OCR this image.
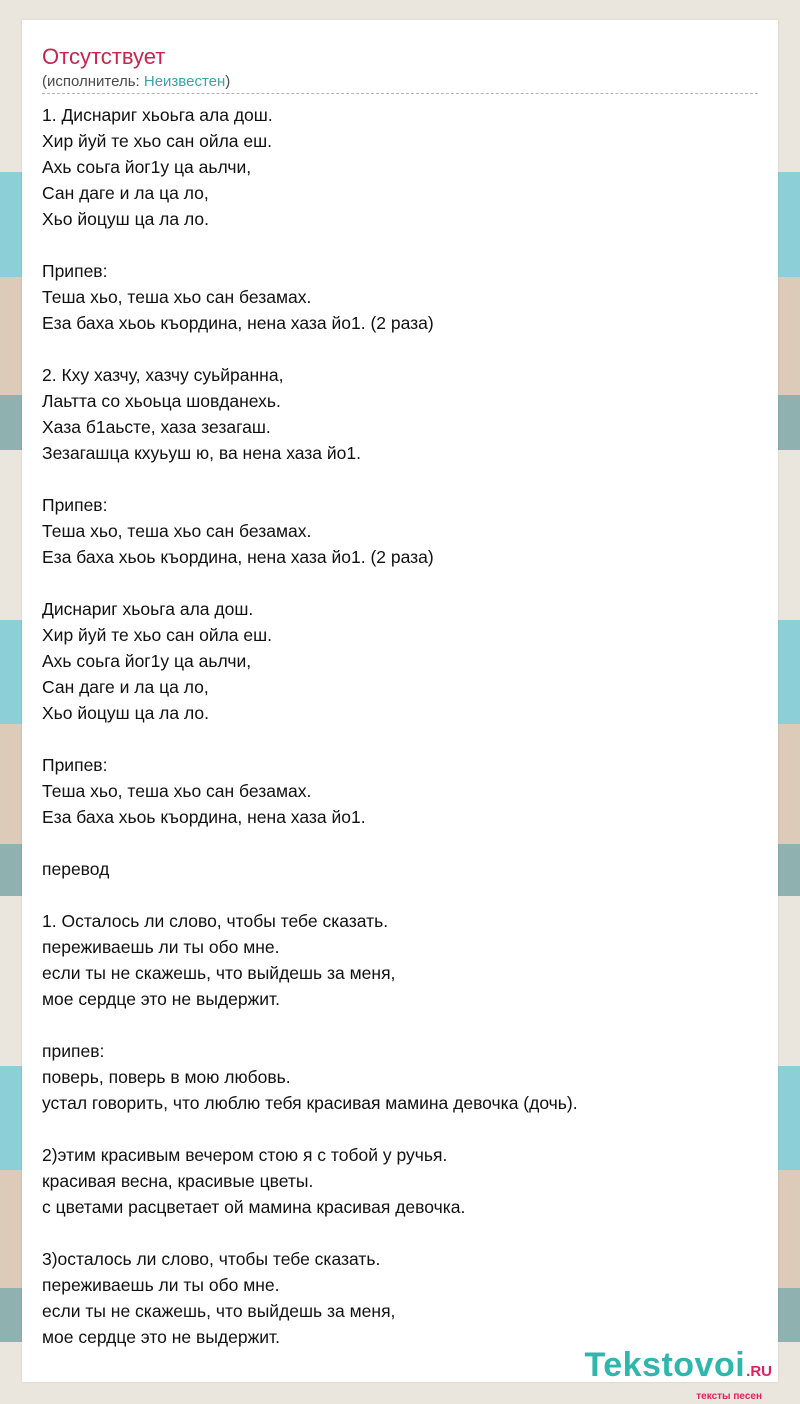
Отсутствует
(исполнитель: Неизвестен)
1. Диснариг хьоьга ала дош.
Хир йуй те хьо сан ойла еш.
Ахь соьга йог1у ца аьлчи,
Сан даге и ла ца ло,
Хьо йоцуш ца ла ло.

Припев:
Теша хьо, теша хьо сан безамах.
Еза баха хьоь къордина, нена хаза йо1. (2 раза)

2. Кху хазчу, хазчу суьйранна,
Лаьтта со хьоьца шовданехь.
Хаза б1аьсте, хаза зезагаш.
Зезагашца кхуьуш ю, ва нена хаза йо1.

Припев:
Теша хьо, теша хьо сан безамах.
Еза баха хьоь къордина, нена хаза йо1. (2 раза)

Диснариг хьоьга ала дош.
Хир йуй те хьо сан ойла еш.
Ахь соьга йог1у ца аьлчи,
Сан даге и ла ца ло,
Хьо йоцуш ца ла ло.

Припев:
Теша хьо, теша хьо сан безамах.
Еза баха хьоь къордина, нена хаза йо1.

перевод

1. Осталось ли слово, чтобы тебе сказать.
переживаешь ли ты обо мне.
если ты не скажешь, что выйдешь за меня,
мое сердце это не выдержит.

припев:
поверь, поверь в мою любовь.
устал говорить, что люблю тебя красивая мамина девочка (дочь).

2)этим красивым вечером стою я с тобой у ручья.
красивая весна, красивые цветы.
с цветами расцветает ой мамина красивая девочка.

3)осталось ли слово, чтобы тебе сказать.
переживаешь ли ты обо мне.
если ты не скажешь, что выйдешь за меня,
мое сердце это не выдержит.
Tekstovoi.RU
тексты песен
